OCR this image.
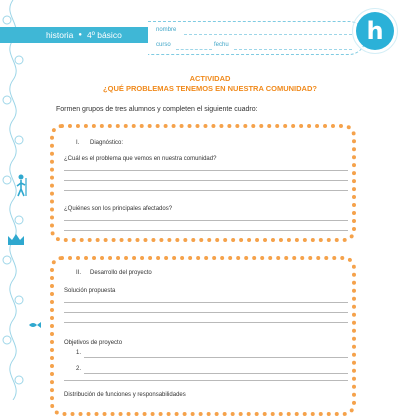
historia ● 4º básico	nombre
curso	fechu	h
ACTIVIDAD
¿QUÉ PROBLEMAS TENEMOS EN NUESTRA COMUNIDAD?
Formen grupos de tres alumnos y completen el siguiente cuadro:
I. Diagnóstico:
¿Cuál es el problema que vemos en nuestra comunidad?
¿Quiénes son los principales afectados?
II. Desarrollo del proyecto
Solución propuesta
Objetivos de proyecto
1.
2.
Distribución de funciones y responsabilidades
